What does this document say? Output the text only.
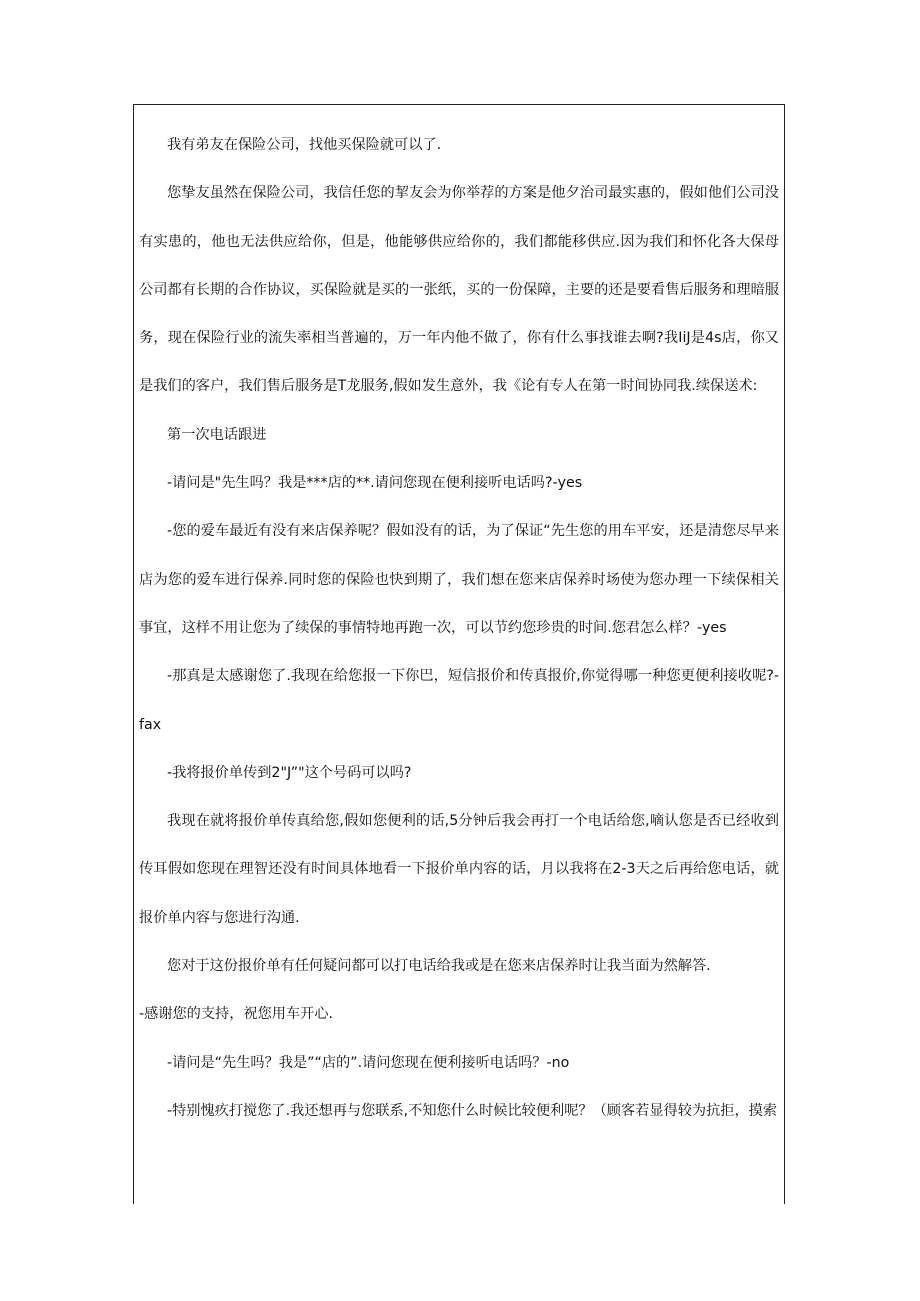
我有弟友在保险公司，找他买保险就可以了.

您挚友虽然在保险公司，我信任您的挈友会为你举荐的方案是他夕治司最实惠的，假如他们公司没有实患的，他也无法供应给你，但是，他能够供应给你的，我们都能移供应.因为我们和怀化各大保母公司都有长期的合作协议，买保险就是买的一张纸，买的一份保障，主要的还是要看售后服务和理暗服务，现在保险行业的流失率相当普遍的，万一年内他不做了，你有什么事找谁去啊?我IiJ是4s店，你又是我们的客户，我们售后服务是T龙服务,假如发生意外，我《论有专人在第一时间协同我.续保送术:

第一次电话跟进

-请问是"先生吗？我是***店的**.请问您现在便利接听电话吗?-yes

-您的爱车最近有没有来店保养呢？假如没有的话，为了保证“先生您的用车平安，还是清您尽早来店为您的爱车进行保养.同时您的保险也快到期了，我们想在您来店保养时场使为您办理一下续保相关事宜，这样不用让您为了续保的事情特地再跑一次，可以节约您珍贵的时间.您君怎么样？-yes

-那真是太感谢您了.我现在给您报一下你巴，短信报价和传真报价,你觉得哪一种您更便利接收呢?-fax

-我将报价单传到2"J”"这个号码可以吗?

我现在就将报价单传真给您,假如您便利的话,5分钟后我会再打一个电话给您,嘀认您是否已经收到传耳假如您现在理智还没有时间具体地看一下报价单内容的话，月以我将在2-3天之后再给您电话，就报价单内容与您进行沟通.

您对于这份报价单有任何疑问都可以打电话给我或是在您来店保养时让我当面为然解答.

-感谢您的支持，祝您用车开心.

-请问是“先生吗？我是”“店的”.请问您现在便利接听电话吗？-no

-特别愧疚打搅您了.我还想再与您联系,不知您什么时候比较便利呢？（顾客若显得较为抗拒，摸索
